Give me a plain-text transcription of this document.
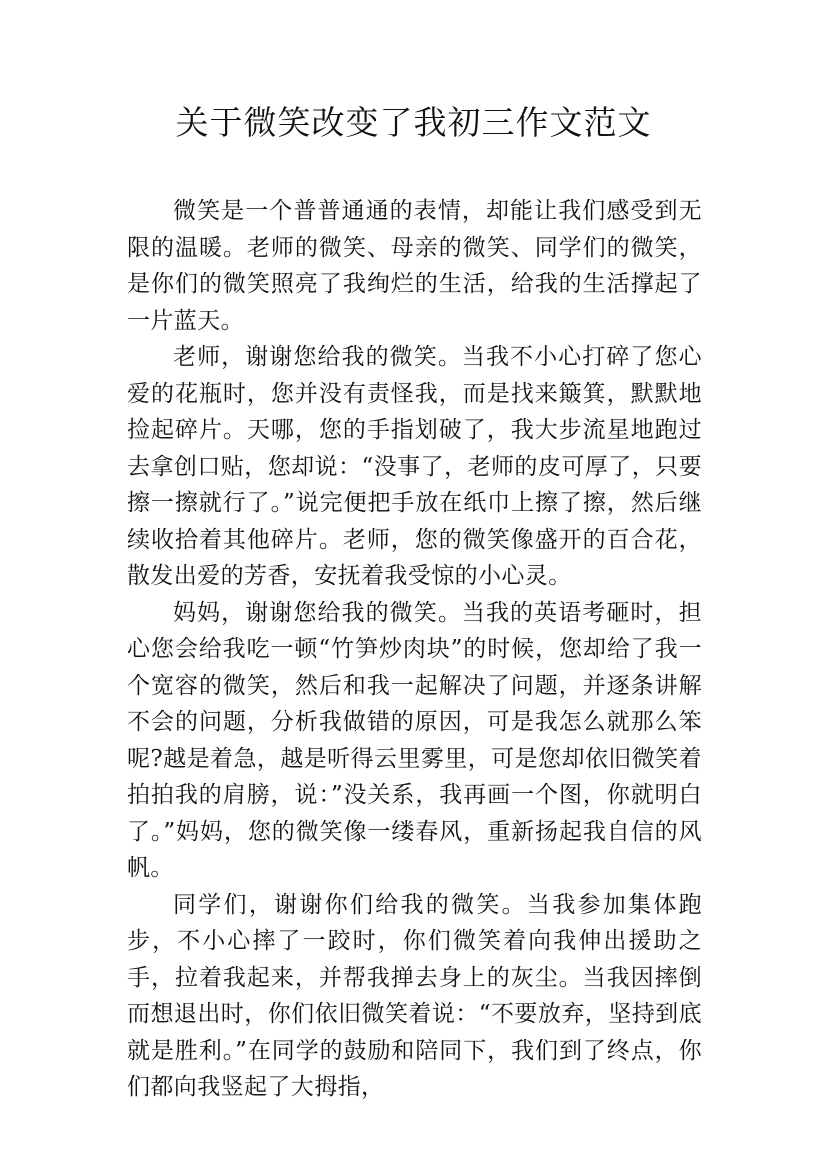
关于微笑改变了我初三作文范文

微笑是一个普普通通的表情，却能让我们感受到无限的温暖。老师的微笑、母亲的微笑、同学们的微笑，是你们的微笑照亮了我绚烂的生活，给我的生活撑起了一片蓝天。

老师，谢谢您给我的微笑。当我不小心打碎了您心爱的花瓶时，您并没有责怪我，而是找来簸箕，默默地捡起碎片。天哪，您的手指划破了，我大步流星地跑过去拿创口贴，您却说：“没事了，老师的皮可厚了，只要擦一擦就行了。”说完便把手放在纸巾上擦了擦，然后继续收拾着其他碎片。老师，您的微笑像盛开的百合花，散发出爱的芳香，安抚着我受惊的小心灵。

妈妈，谢谢您给我的微笑。当我的英语考砸时，担心您会给我吃一顿“竹笋炒肉块”的时候，您却给了我一个宽容的微笑，然后和我一起解决了问题，并逐条讲解不会的问题，分析我做错的原因，可是我怎么就那么笨呢?越是着急，越是听得云里雾里，可是您却依旧微笑着拍拍我的肩膀，说：”没关系，我再画一个图，你就明白了。”妈妈，您的微笑像一缕春风，重新扬起我自信的风帆。

同学们，谢谢你们给我的微笑。当我参加集体跑步，不小心摔了一跤时，你们微笑着向我伸出援助之手，拉着我起来，并帮我掸去身上的灰尘。当我因摔倒而想退出时，你们依旧微笑着说：“不要放弃，坚持到底就是胜利。”在同学的鼓励和陪同下，我们到了终点，你们都向我竖起了大拇指，
